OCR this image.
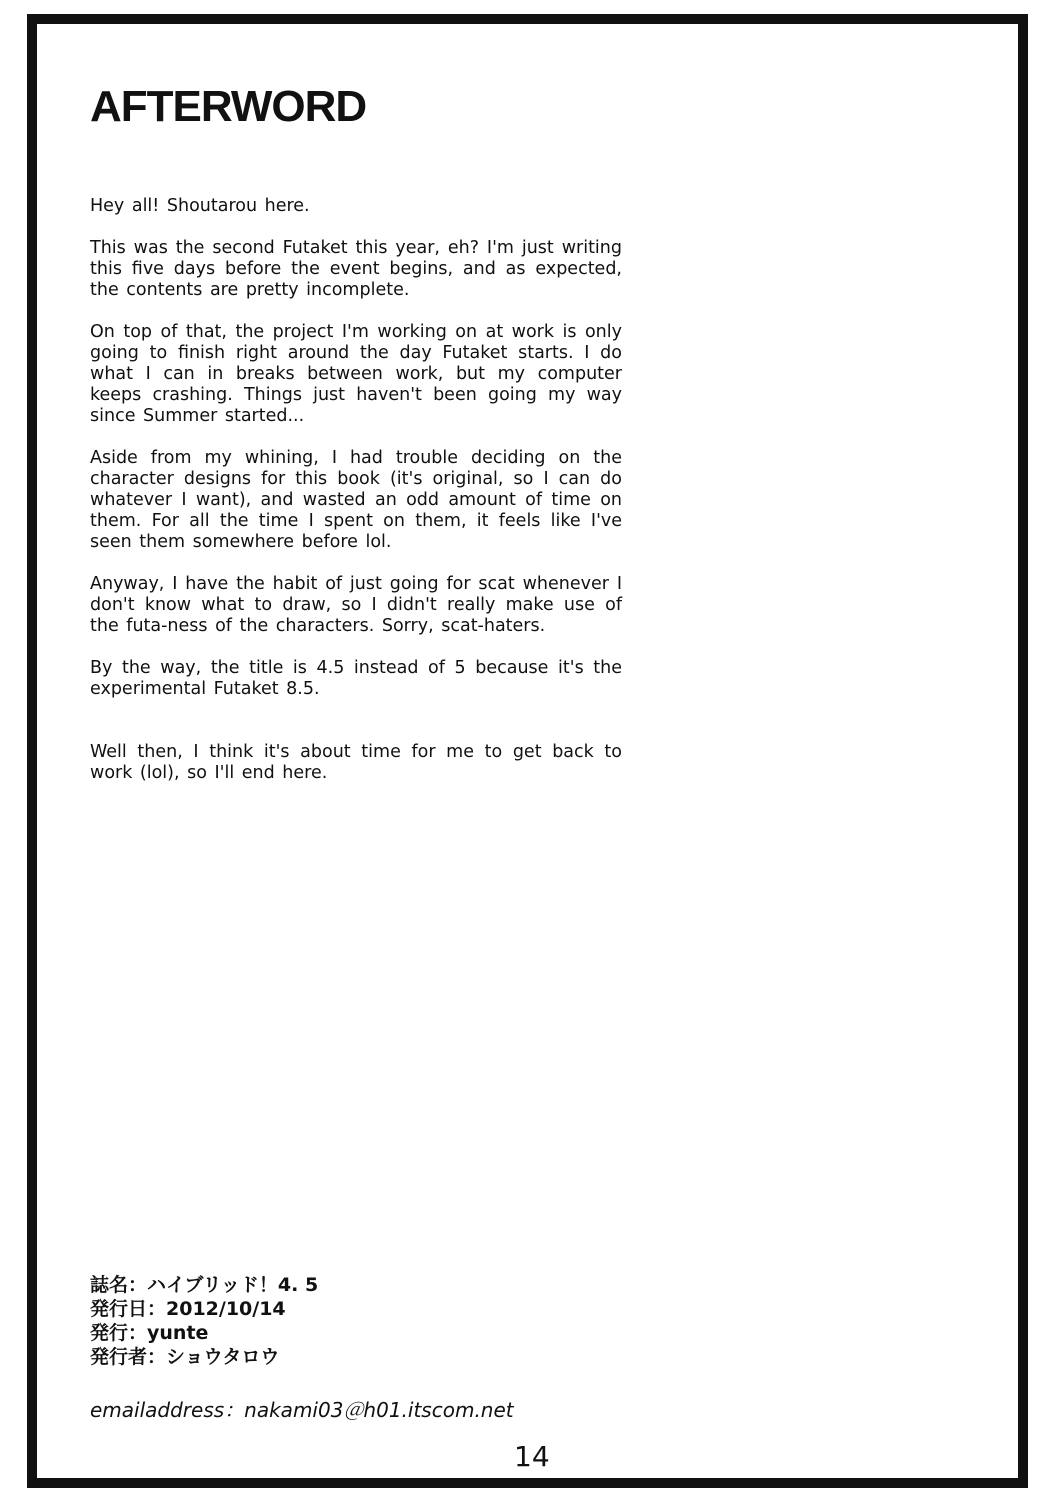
AFTERWORD

Hey all! Shoutarou here.

This was the second Futaket this year, eh? I'm just writing this five days before the event begins, and as expected, the contents are pretty incomplete.

On top of that, the project I'm working on at work is only going to finish right around the day Futaket starts. I do what I can in breaks between work, but my computer keeps crashing. Things just haven't been going my way since Summer started...

Aside from my whining, I had trouble deciding on the character designs for this book (it's original, so I can do whatever I want), and wasted an odd amount of time on them. For all the time I spent on them, it feels like I've seen them somewhere before lol.

Anyway, I have the habit of just going for scat whenever I don't know what to draw, so I didn't really make use of the futa-ness of the characters. Sorry, scat-haters.

By the way, the title is 4.5 instead of 5 because it's the experimental Futaket 8.5.

Well then, I think it's about time for me to get back to work (lol), so I'll end here.

誌名：ハイブリッド！4. 5
発行日：2012/10/14
発行：yunte
発行者：ショウタロウ
emailaddress：nakami03＠h01.itscom.net
14
